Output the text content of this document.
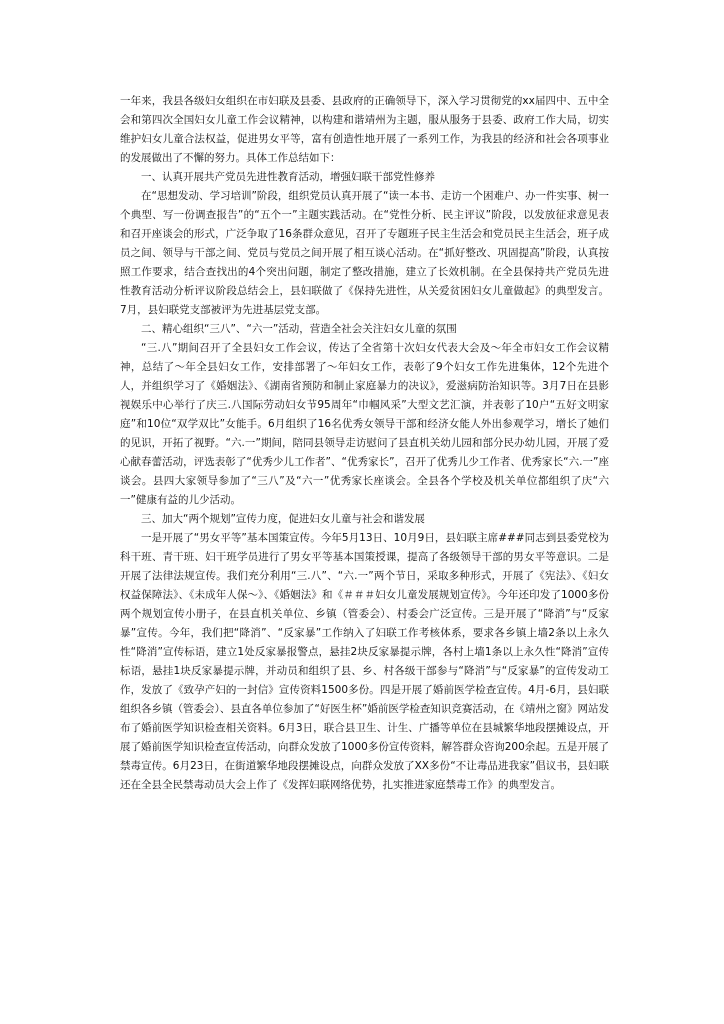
一年来，我县各级妇女组织在市妇联及县委、县政府的正确领导下，深入学习贯彻党的xx届四中、五中全会和第四次全国妇女儿童工作会议精神，以构建和谐靖州为主题，服从服务于县委、政府工作大局，切实维护妇女儿童合法权益，促进男女平等，富有创造性地开展了一系列工作，为我县的经济和社会各项事业的发展做出了不懈的努力。具体工作总结如下：

一、认真开展共产党员先进性教育活动，增强妇联干部党性修养

在“思想发动、学习培训”阶段，组织党员认真开展了“读一本书、走访一个困难户、办一件实事、树一个典型、写一份调查报告”的“五个一”主题实践活动。在“党性分析、民主评议”阶段，以发放征求意见表和召开座谈会的形式，广泛争取了16条群众意见，召开了专题班子民主生活会和党员民主生活会，班子成员之间、领导与干部之间、党员与党员之间开展了相互谈心活动。在“抓好整改、巩固提高”阶段，认真按照工作要求，结合查找出的4个突出问题，制定了整改措施，建立了长效机制。在全县保持共产党员先进性教育活动分析评议阶段总结会上，县妇联做了《保持先进性，从关爱贫困妇女儿童做起》的典型发言。7月，县妇联党支部被评为先进基层党支部。

二、精心组织“三八”、“六一”活动，营造全社会关注妇女儿童的氛围

“三.八”期间召开了全县妇女工作会议，传达了全省第十次妇女代表大会及～年全市妇女工作会议精神，总结了～年全县妇女工作，安排部署了～年妇女工作，表彰了9个妇女工作先进集体，12个先进个人，并组织学习了《婚姻法》、《湖南省预防和制止家庭暴力的决议》，爱滋病防治知识等。3月7日在县影视娱乐中心举行了庆三.八国际劳动妇女节95周年“巾帼风采”大型文艺汇演，并表彰了10户“五好文明家庭”和10位“双学双比”女能手。6月组织了16名优秀女领导干部和经济女能人外出参观学习，增长了她们的见识，开拓了视野。“六.一”期间，陪同县领导走访慰问了县直机关幼儿园和部分民办幼儿园，开展了爱心献春蕾活动，评选表彰了“优秀少儿工作者”、“优秀家长”，召开了优秀儿少工作者、优秀家长“六.一”座谈会。县四大家领导参加了“三八”及“六一”优秀家长座谈会。全县各个学校及机关单位都组织了庆“六一”健康有益的儿少活动。

三、加大“两个规划”宣传力度，促进妇女儿童与社会和谐发展

一是开展了“男女平等”基本国策宣传。今年5月13日、10月9日，县妇联主席###同志到县委党校为科干班、青干班、妇干班学员进行了男女平等基本国策授课，提高了各级领导干部的男女平等意识。二是开展了法律法规宣传。我们充分利用“三.八”、“六.一”两个节日，采取多种形式，开展了《宪法》、《妇女权益保障法》、《未成年人保～》、《婚姻法》和《＃＃＃妇女儿童发展规划宣传》。今年还印发了1000多份两个规划宣传小册子，在县直机关单位、乡镇（管委会）、村委会广泛宣传。三是开展了“降消”与“反家暴”宣传。今年，我们把“降消”、“反家暴”工作纳入了妇联工作考核体系，要求各乡镇上墙2条以上永久性“降消”宣传标语，建立1处反家暴报警点，悬挂2块反家暴提示牌，各村上墙1条以上永久性“降消”宣传标语，悬挂1块反家暴提示牌，并动员和组织了县、乡、村各级干部参与“降消”与“反家暴”的宣传发动工作，发放了《致孕产妇的一封信》宣传资料1500多份。四是开展了婚前医学检查宣传。4月-6月，县妇联组织各乡镇（管委会）、县直各单位参加了“好医生杯”婚前医学检查知识竞赛活动，在《靖州之窗》网站发布了婚前医学知识检查相关资料。6月3日，联合县卫生、计生、广播等单位在县城繁华地段摆摊设点，开展了婚前医学知识检查宣传活动，向群众发放了1000多份宣传资料，解答群众咨询200余起。五是开展了禁毒宣传。6月23日，在街道繁华地段摆摊设点，向群众发放了XX多份“不让毒品进我家”倡议书，县妇联还在全县全民禁毒动员大会上作了《发挥妇联网络优势，扎实推进家庭禁毒工作》的典型发言。
